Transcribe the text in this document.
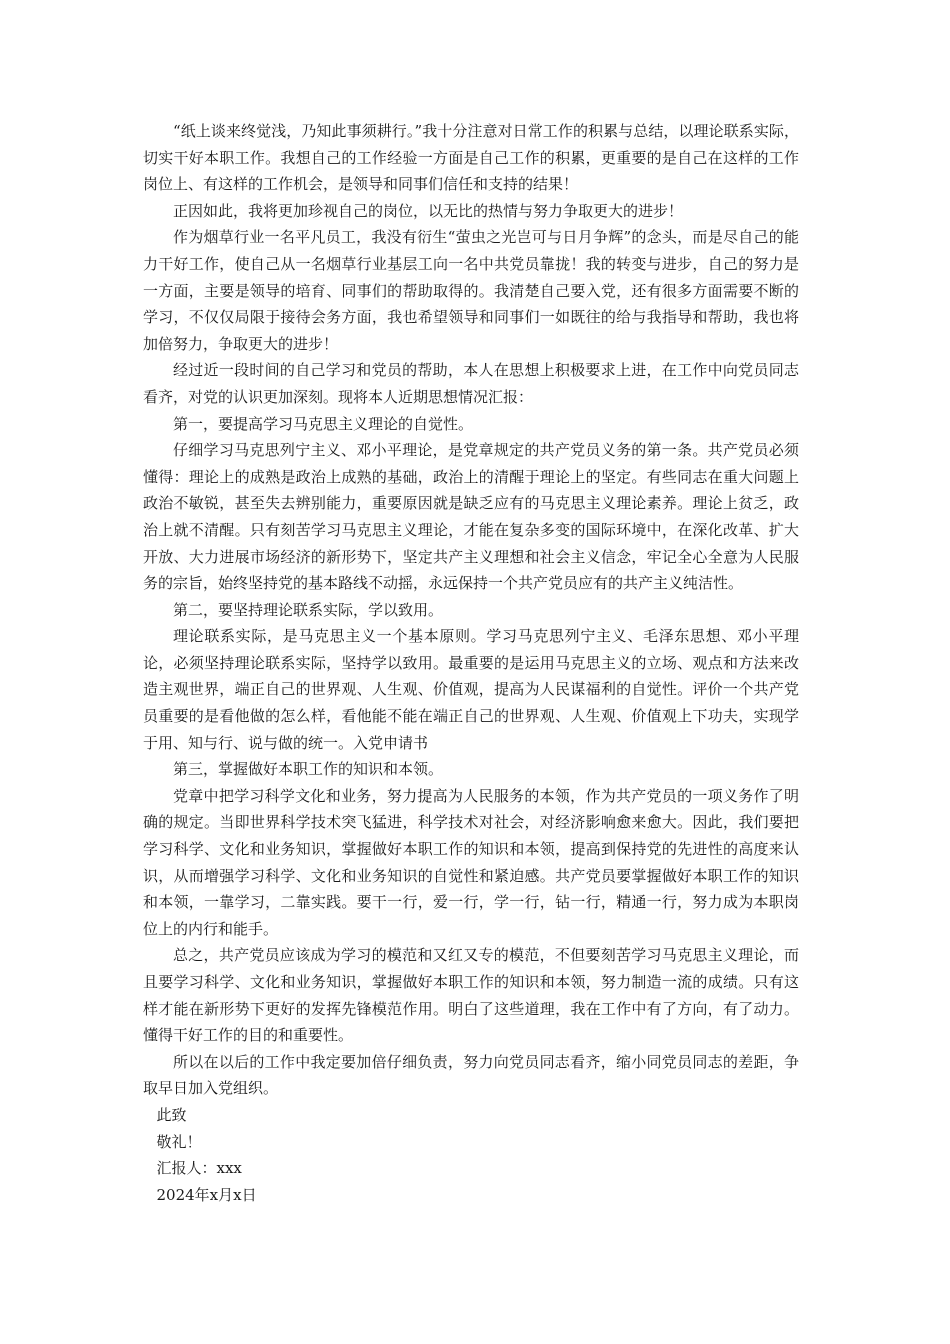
“纸上谈来终觉浅，乃知此事须耕行。”我十分注意对日常工作的积累与总结，以理论联系实际，切实干好本职工作。我想自己的工作经验一方面是自己工作的积累，更重要的是自己在这样的工作岗位上、有这样的工作机会，是领导和同事们信任和支持的结果！

正因如此，我将更加珍视自己的岗位，以无比的热情与努力争取更大的进步！

作为烟草行业一名平凡员工，我没有衍生“萤虫之光岂可与日月争辉”的念头，而是尽自己的能力干好工作，使自己从一名烟草行业基层工向一名中共党员靠拢！我的转变与进步，自己的努力是一方面，主要是领导的培育、同事们的帮助取得的。我清楚自己要入党，还有很多方面需要不断的学习，不仅仅局限于接待会务方面，我也希望领导和同事们一如既往的给与我指导和帮助，我也将加倍努力，争取更大的进步！

经过近一段时间的自己学习和党员的帮助，本人在思想上积极要求上进，在工作中向党员同志看齐，对党的认识更加深刻。现将本人近期思想情况汇报：

第一，要提高学习马克思主义理论的自觉性。

仔细学习马克思列宁主义、邓小平理论，是党章规定的共产党员义务的第一条。共产党员必须懂得：理论上的成熟是政治上成熟的基础，政治上的清醒于理论上的坚定。有些同志在重大问题上政治不敏锐，甚至失去辨别能力，重要原因就是缺乏应有的马克思主义理论素养。理论上贫乏，政治上就不清醒。只有刻苦学习马克思主义理论，才能在复杂多变的国际环境中，在深化改革、扩大开放、大力进展市场经济的新形势下，坚定共产主义理想和社会主义信念，牢记全心全意为人民服务的宗旨，始终坚持党的基本路线不动摇，永远保持一个共产党员应有的共产主义纯洁性。

第二，要坚持理论联系实际，学以致用。

理论联系实际，是马克思主义一个基本原则。学习马克思列宁主义、毛泽东思想、邓小平理论，必须坚持理论联系实际，坚持学以致用。最重要的是运用马克思主义的立场、观点和方法来改造主观世界，端正自己的世界观、人生观、价值观，提高为人民谋福利的自觉性。评价一个共产党员重要的是看他做的怎么样，看他能不能在端正自己的世界观、人生观、价值观上下功夫，实现学于用、知与行、说与做的统一。入党申请书

第三，掌握做好本职工作的知识和本领。

党章中把学习科学文化和业务，努力提高为人民服务的本领，作为共产党员的一项义务作了明确的规定。当即世界科学技术突飞猛进，科学技术对社会，对经济影响愈来愈大。因此，我们要把学习科学、文化和业务知识，掌握做好本职工作的知识和本领，提高到保持党的先进性的高度来认识，从而增强学习科学、文化和业务知识的自觉性和紧迫感。共产党员要掌握做好本职工作的知识和本领，一靠学习，二靠实践。要干一行，爱一行，学一行，钻一行，精通一行，努力成为本职岗位上的内行和能手。

总之，共产党员应该成为学习的模范和又红又专的模范，不但要刻苦学习马克思主义理论，而且要学习科学、文化和业务知识，掌握做好本职工作的知识和本领，努力制造一流的成绩。只有这样才能在新形势下更好的发挥先锋模范作用。明白了这些道理，我在工作中有了方向，有了动力。懂得干好工作的目的和重要性。

所以在以后的工作中我定要加倍仔细负责，努力向党员同志看齐，缩小同党员同志的差距，争取早日加入党组织。

此致

敬礼！

汇报人：xxx

2024年x月x日
